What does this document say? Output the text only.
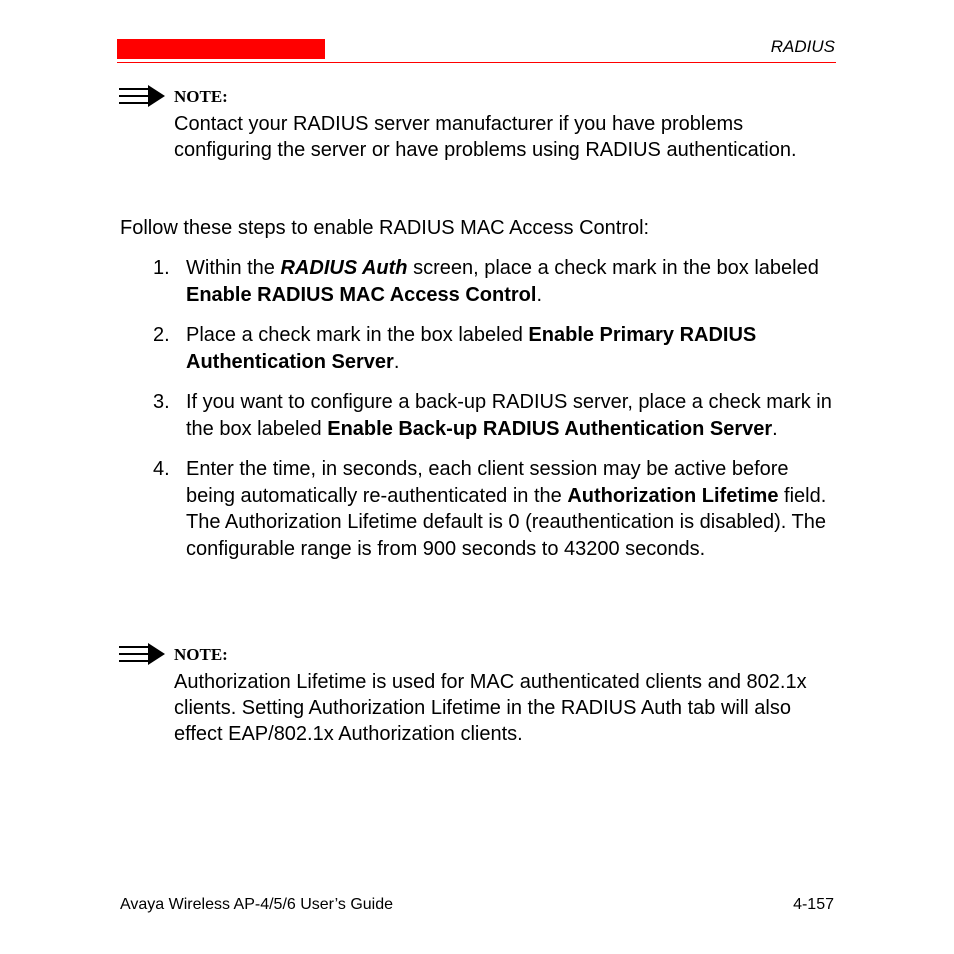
RADIUS
NOTE:
Contact your RADIUS server manufacturer if you have problems configuring the server or have problems using RADIUS authentication.
Follow these steps to enable RADIUS MAC Access Control:
1. Within the RADIUS Auth screen, place a check mark in the box labeled Enable RADIUS MAC Access Control.
2. Place a check mark in the box labeled Enable Primary RADIUS Authentication Server.
3. If you want to configure a back-up RADIUS server, place a check mark in the box labeled Enable Back-up RADIUS Authentication Server.
4. Enter the time, in seconds, each client session may be active before being automatically re-authenticated in the Authorization Lifetime field. The Authorization Lifetime default is 0 (reauthentication is disabled). The configurable range is from 900 seconds to 43200 seconds.
NOTE:
Authorization Lifetime is used for MAC authenticated clients and 802.1x clients. Setting Authorization Lifetime in the RADIUS Auth tab will also effect EAP/802.1x Authorization clients.
Avaya Wireless AP-4/5/6 User’s Guide	4-157
